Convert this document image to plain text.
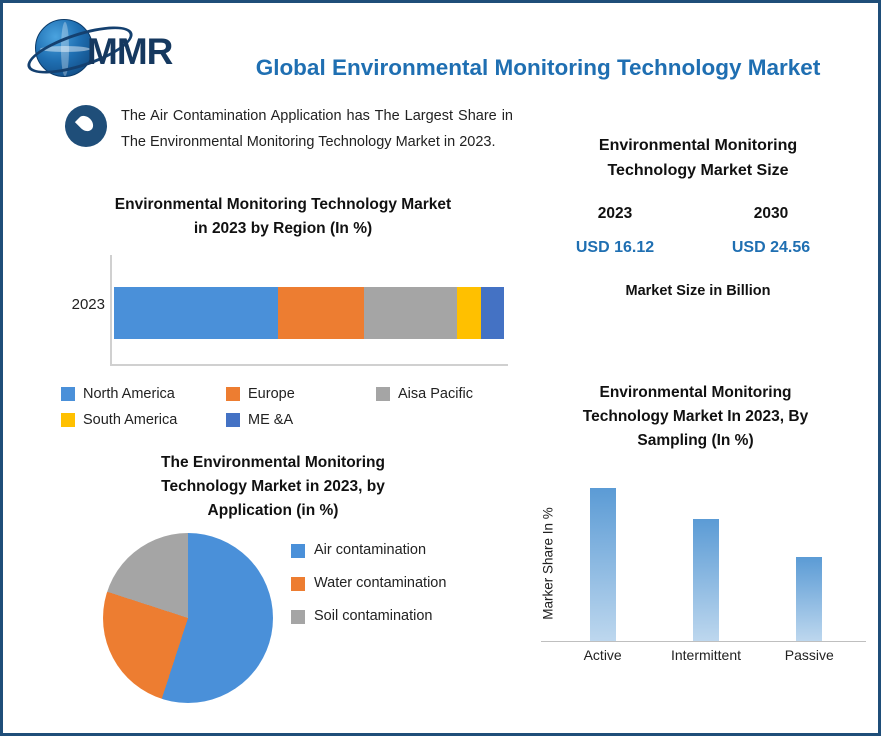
MMR	Global Environmental Monitoring Technology Market
The Air Contamination Application has The Largest Share in The Environmental Monitoring Technology Market in 2023.
Environmental Monitoring Technology Market
in 2023 by Region (In %)
2023
North America	Europe	Aisa Pacific
South America	ME &A
Environmental Monitoring
Technology Market Size
2023	2030
USD 16.12	USD 24.56
Market Size in Billion
The Environmental Monitoring
Technology Market in 2023, by
Application (in %)
Air contamination
Water contamination
Soil contamination
Environmental Monitoring
Technology Market In 2023, By
Sampling (In %)
Marker Share In %
Active	Intermittent	Passive
